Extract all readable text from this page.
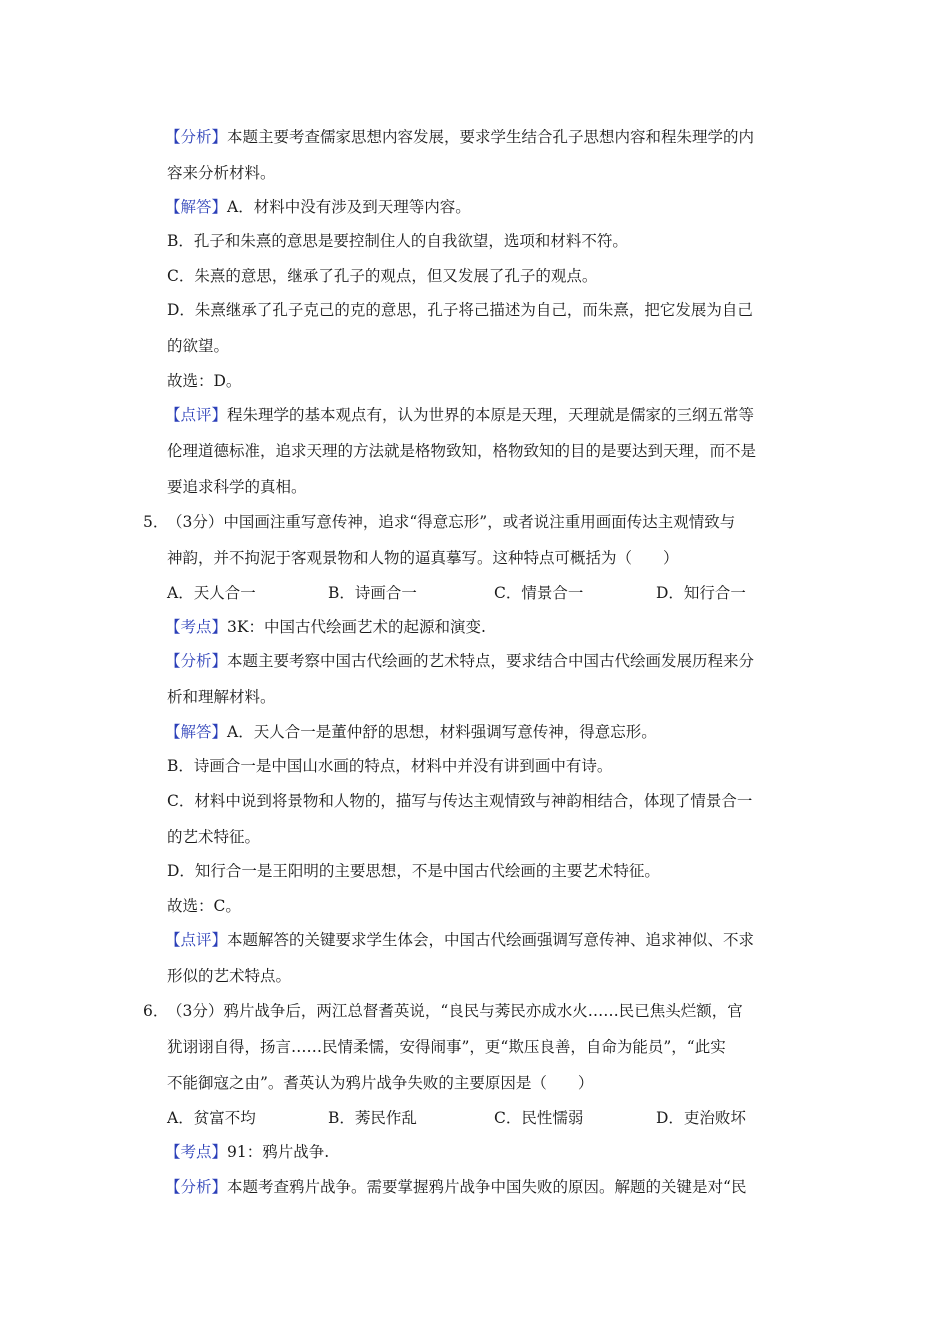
【分析】本题主要考查儒家思想内容发展，要求学生结合孔子思想内容和程朱理学的内
容来分析材料。
【解答】A．材料中没有涉及到天理等内容。
B．孔子和朱熹的意思是要控制住人的自我欲望，选项和材料不符。
C．朱熹的意思，继承了孔子的观点，但又发展了孔子的观点。
D．朱熹继承了孔子克己的克的意思，孔子将己描述为自己，而朱熹，把它发展为自己
的欲望。
故选：D。
【点评】程朱理学的基本观点有，认为世界的本原是天理，天理就是儒家的三纲五常等
伦理道德标准，追求天理的方法就是格物致知，格物致知的目的是要达到天理，而不是
要追求科学的真相。
5．
（3分）中国画注重写意传神，追求“得意忘形”，或者说注重用画面传达主观情致与
神韵，并不拘泥于客观景物和人物的逼真摹写。这种特点可概括为（　　）
A．天人合一	B．诗画合一	C．情景合一	D．知行合一
【考点】3K：中国古代绘画艺术的起源和演变.
【分析】本题主要考察中国古代绘画的艺术特点，要求结合中国古代绘画发展历程来分
析和理解材料。
【解答】A．天人合一是董仲舒的思想，材料强调写意传神，得意忘形。
B．诗画合一是中国山水画的特点，材料中并没有讲到画中有诗。
C．材料中说到将景物和人物的，描写与传达主观情致与神韵相结合，体现了情景合一
的艺术特征。
D．知行合一是王阳明的主要思想，不是中国古代绘画的主要艺术特征。
故选：C。
【点评】本题解答的关键要求学生体会，中国古代绘画强调写意传神、追求神似、不求
形似的艺术特点。
6．
（3分）鸦片战争后，两江总督耆英说，“良民与莠民亦成水火……民已焦头烂额，官
犹诩诩自得，扬言……民情柔懦，安得闹事”，更“欺压良善，自命为能员”，“此实
不能御寇之由”。耆英认为鸦片战争失败的主要原因是（　　）
A．贫富不均	B．莠民作乱	C．民性懦弱	D．吏治败坏
【考点】91：鸦片战争.
【分析】本题考查鸦片战争。需要掌握鸦片战争中国失败的原因。解题的关键是对“民
